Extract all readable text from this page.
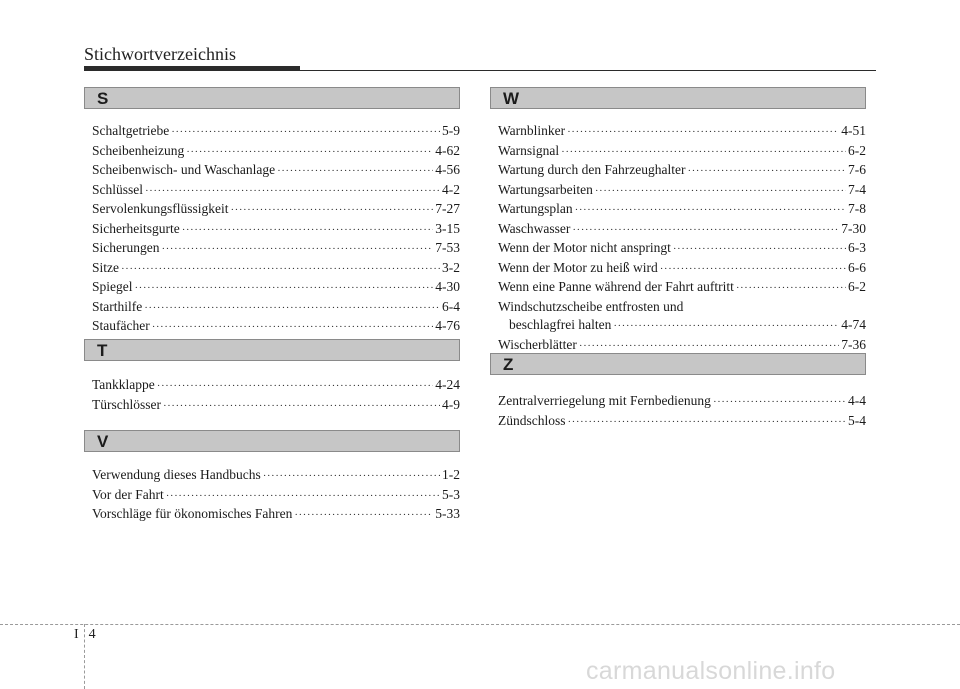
Stichwortverzeichnis
S
Schaltgetriebe ·····	5-9
Scheibenheizung ·····	4-62
Scheibenwisch- und Waschanlage ·····	4-56
Schlüssel ·····	4-2
Servolenkungsflüssigkeit ·····	7-27
Sicherheitsgurte ·····	3-15
Sicherungen ·····	7-53
Sitze ·····	3-2
Spiegel ·····	4-30
Starthilfe ·····	6-4
Staufächer ·····	4-76
T
Tankklappe ·····	4-24
Türschlösser ·····	4-9
V
Verwendung dieses Handbuchs ·····	1-2
Vor der Fahrt ·····	5-3
Vorschläge für ökonomisches Fahren ·····	5-33
W
Warnblinker ·····	4-51
Warnsignal ·····	6-2
Wartung durch den Fahrzeughalter ·····	7-6
Wartungsarbeiten ·····	7-4
Wartungsplan ·····	7-8
Waschwasser ·····	7-30
Wenn der Motor nicht anspringt ·····	6-3
Wenn der Motor zu heiß wird ·····	6-6
Wenn eine Panne während der Fahrt auftritt ·····	6-2
Windschutzscheibe entfrosten und
beschlagfrei halten ·····	4-74
Wischerblätter ·····	7-36
Z
Zentralverriegelung mit Fernbedienung ·····	4-4
Zündschloss ·····	5-4
I4
carmanualsonline.info
